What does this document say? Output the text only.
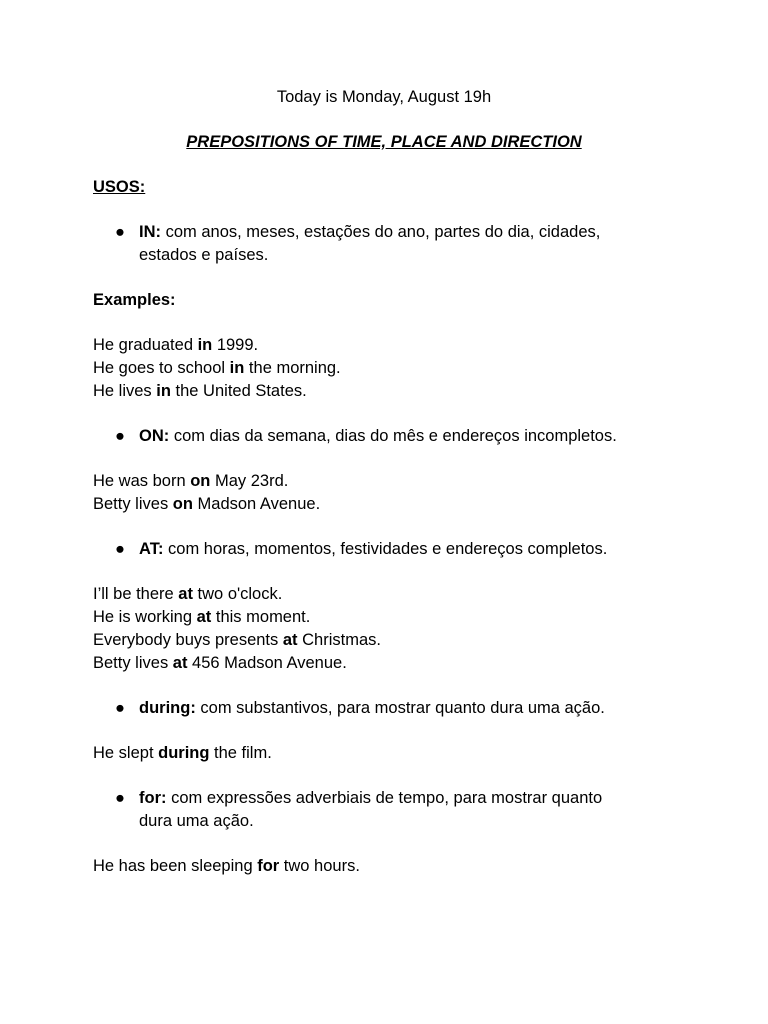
Today is Monday, August 19h
PREPOSITIONS OF TIME, PLACE AND DIRECTION
USOS:
● IN: com anos, meses, estações do ano, partes do dia, cidades,
estados e países.
Examples:
He graduated in 1999.
He goes to school in the morning.
He lives in the United States.
● ON: com dias da semana, dias do mês e endereços incompletos.
He was born on May 23rd.
Betty lives on Madson Avenue.
● AT: com horas, momentos, festividades e endereços completos.
I’ll be there at two o'clock.
He is working at this moment.
Everybody buys presents at Christmas.
Betty lives at 456 Madson Avenue.
● during: com substantivos, para mostrar quanto dura uma ação.
He slept during the film.
● for: com expressões adverbiais de tempo, para mostrar quanto
dura uma ação.
He has been sleeping for two hours.
